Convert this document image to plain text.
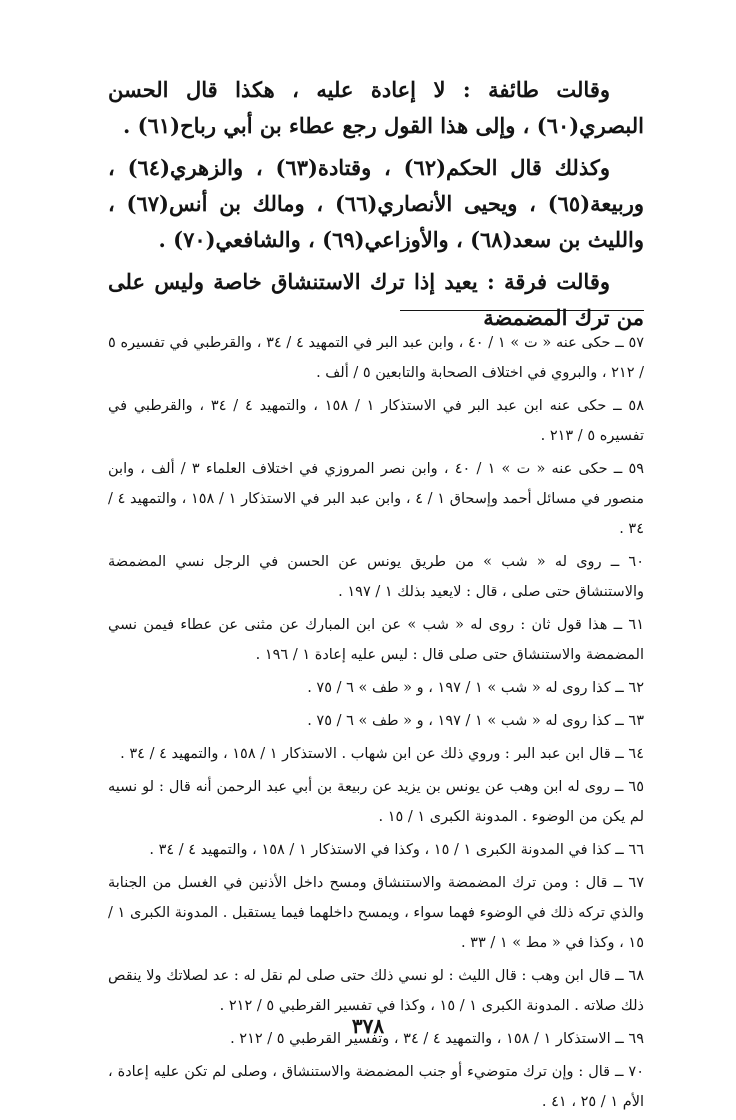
وقالت طائفة : لا إعادة عليه ، هكذا قال الحسن البصري(٦٠) ، وإلى هذا القول رجع عطاء بن أبي رباح(٦١) .

وكذلك قال الحكم(٦٢) ، وقتادة(٦٣) ، والزهري(٦٤) ، وربيعة(٦٥) ، ويحيى الأنصاري(٦٦) ، ومالك بن أنس(٦٧) ، والليث بن سعد(٦٨) ، والأوزاعي(٦٩) ، والشافعي(٧٠) .

وقالت فرقة : يعيد إذا ترك الاستنشاق خاصة وليس على من ترك المضمضة

٥٧ ــ حكى عنه « ت » ١ / ٤٠ ، وابن عبد البر في التمهيد ٤ / ٣٤ ، والقرطبي في تفسيره ٥ / ٢١٢ ، والبروي في اختلاف الصحابة والتابعين ٥ / ألف .
٥٨ ــ حكى عنه ابن عبد البر في الاستذكار ١ / ١٥٨ ، والتمهيد ٤ / ٣٤ ، والقرطبي في تفسيره ٥ / ٢١٣ .
٥٩ ــ حكى عنه « ت » ١ / ٤٠ ، وابن نصر المروزي في اختلاف العلماء ٣ / ألف ، وابن منصور في مسائل أحمد وإسحاق ١ / ٤ ، وابن عبد البر في الاستذكار ١ / ١٥٨ ، والتمهيد ٤ / ٣٤ .
٦٠ ــ روى له « شب » من طريق يونس عن الحسن في الرجل نسي المضمضة والاستنشاق حتى صلى ، قال : لايعيد بذلك ١ / ١٩٧ .
٦١ ــ هذا قول ثان : روى له « شب » عن ابن المبارك عن مثنى عن عطاء فيمن نسي المضمضة والاستنشاق حتى صلى قال : ليس عليه إعادة ١ / ١٩٦ .
٦٢ ــ كذا روى له « شب » ١ / ١٩٧ ، و « طف » ٦ / ٧٥ .
٦٣ ــ كذا روى له « شب » ١ / ١٩٧ ، و « طف » ٦ / ٧٥ .
٦٤ ــ قال ابن عبد البر : وروي ذلك عن ابن شهاب . الاستذكار ١ / ١٥٨ ، والتمهيد ٤ / ٣٤ .
٦٥ ــ روى له ابن وهب عن يونس بن يزيد عن ربيعة بن أبي عبد الرحمن أنه قال : لو نسيه لم يكن من الوضوء . المدونة الكبرى ١ / ١٥ .
٦٦ ــ كذا في المدونة الكبرى ١ / ١٥ ، وكذا في الاستذكار ١ / ١٥٨ ، والتمهيد ٤ / ٣٤ .
٦٧ ــ قال : ومن ترك المضمضة والاستنشاق ومسح داخل الأذنين في الغسل من الجنابة والذي تركه ذلك في الوضوء فهما سواء ، ويمسح داخلهما فيما يستقبل . المدونة الكبرى ١ / ١٥ ، وكذا في « مط » ١ / ٣٣ .
٦٨ ــ قال ابن وهب : قال الليث : لو نسي ذلك حتى صلى لم نقل له : عد لصلاتك ولا ينقص ذلك صلاته . المدونة الكبرى ١ / ١٥ ، وكذا في تفسير القرطبي ٥ / ٢١٢ .
٦٩ ــ الاستذكار ١ / ١٥٨ ، والتمهيد ٤ / ٣٤ ، وتفسير القرطبي ٥ / ٢١٢ .
٧٠ ــ قال : وإن ترك متوضيء أو جنب المضمضة والاستنشاق ، وصلى لم تكن عليه إعادة ، الأم ١ / ٢٥ ، ٤١ .
٣٧٨
